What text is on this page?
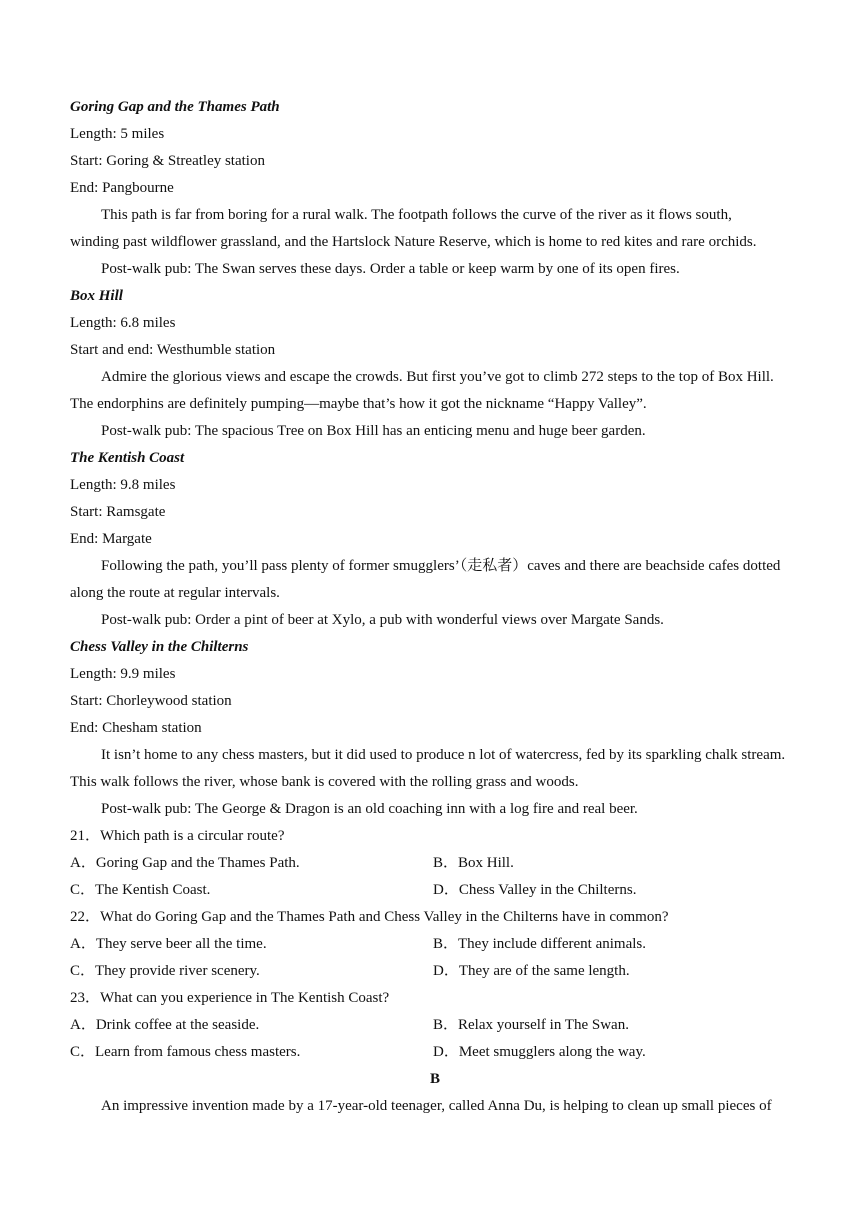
Goring Gap and the Thames Path
Length: 5 miles
Start: Goring & Streatley station
End: Pangbourne
This path is far from boring for a rural walk. The footpath follows the curve of the river as it flows south,
winding past wildflower grassland, and the Hartslock Nature Reserve, which is home to red kites and rare orchids.
Post-walk pub: The Swan serves these days. Order a table or keep warm by one of its open fires.
Box Hill
Length: 6.8 miles
Start and end: Westhumble station
Admire the glorious views and escape the crowds. But first you’ve got to climb 272 steps to the top of Box Hill.
The endorphins are definitely pumping—maybe that’s how it got the nickname “Happy Valley”.
Post-walk pub: The spacious Tree on Box Hill has an enticing menu and huge beer garden.
The Kentish Coast
Length: 9.8 miles
Start: Ramsgate
End: Margate
Following the path, you’ll pass plenty of former smugglers’（走私者）caves and there are beachside cafes dotted
along the route at regular intervals.
Post-walk pub: Order a pint of beer at Xylo, a pub with wonderful views over Margate Sands.
Chess Valley in the Chilterns
Length: 9.9 miles
Start: Chorleywood station
End: Chesham station
It isn’t home to any chess masters, but it did used to produce n lot of watercress, fed by its sparkling chalk stream.
This walk follows the river, whose bank is covered with the rolling grass and woods.
Post-walk pub: The George & Dragon is an old coaching inn with a log fire and real beer.
21．Which path is a circular route?
A．Goring Gap and the Thames Path.	B．Box Hill.
C．The Kentish Coast.	D．Chess Valley in the Chilterns.
22．What do Goring Gap and the Thames Path and Chess Valley in the Chilterns have in common?
A．They serve beer all the time.	B．They include different animals.
C．They provide river scenery.	D．They are of the same length.
23．What can you experience in The Kentish Coast?
A．Drink coffee at the seaside.	B．Relax yourself in The Swan.
C．Learn from famous chess masters.	D．Meet smugglers along the way.
B
An impressive invention made by a 17-year-old teenager, called Anna Du, is helping to clean up small pieces of
